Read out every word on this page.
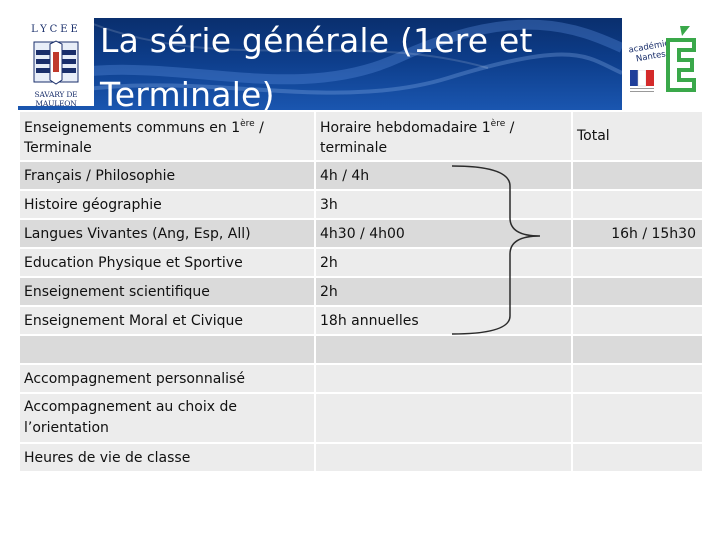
LYCEE
SAVARY DE MAULEON
La série générale (1ere et Terminale)
académie Nantes
Enseignements communs en 1ère / Terminale	Horaire hebdomadaire 1ère / terminale	Total
Français / Philosophie	4h / 4h	
Histoire géographie	3h	
Langues Vivantes (Ang, Esp, All)	4h30 / 4h00	16h / 15h30
Education Physique et Sportive	2h	
Enseignement scientifique	2h	
Enseignement Moral et Civique	18h annuelles	

Accompagnement personnalisé		
Accompagnement au choix de l’orientation		
Heures de vie de classe		
